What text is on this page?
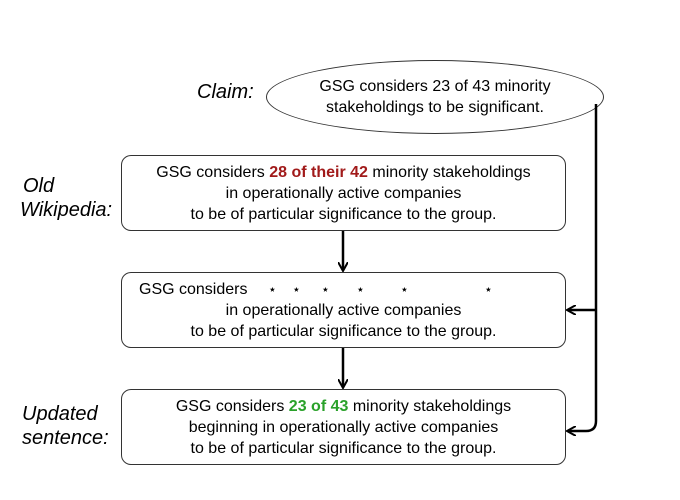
Claim:
Old
Wikipedia:
Updated
sentence:
GSG considers 23 of 43 minority
stakeholdings to be significant.
GSG considers 28 of their 42 minority stakeholdings
in operationally active companies
to be of particular significance to the group.
GSG considers ⋆ ⋆ ⋆ ⋆	⋆	⋆
in operationally active companies
to be of particular significance to the group.
GSG considers 23 of 43 minority stakeholdings
beginning in operationally active companies
to be of particular significance to the group.
